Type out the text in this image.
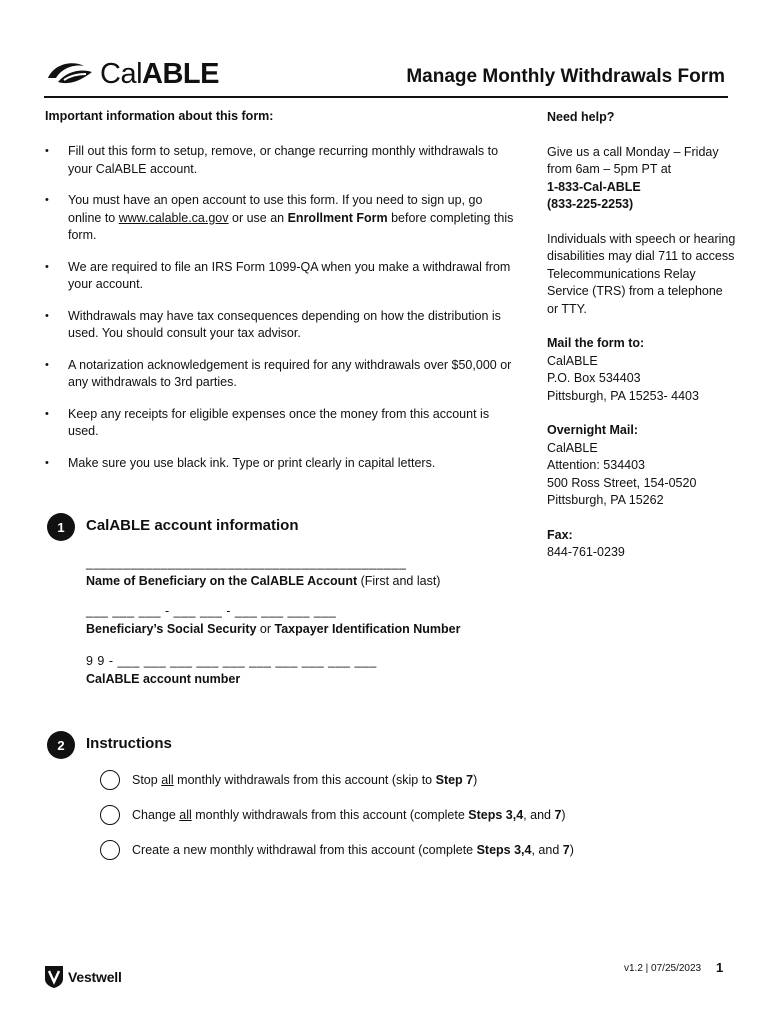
CalABLE	Manage Monthly Withdrawals Form
Important information about this form:
• Fill out this form to setup, remove, or change recurring monthly withdrawals to your CalABLE account.
• You must have an open account to use this form. If you need to sign up, go online to www.calable.ca.gov or use an Enrollment Form before completing this form.
• We are required to file an IRS Form 1099-QA when you make a withdrawal from your account.
• Withdrawals may have tax consequences depending on how the distribution is used. You should consult your tax advisor.
• A notarization acknowledgement is required for any withdrawals over $50,000 or any withdrawals to 3rd parties.
• Keep any receipts for eligible expenses once the money from this account is used.
• Make sure you use black ink. Type or print clearly in capital letters.

Need help?

Give us a call Monday – Friday from 6am – 5pm PT at
1-833-Cal-ABLE
(833-225-2253)

Individuals with speech or hearing disabilities may dial 711 to access Telecommunications Relay Service (TRS) from a telephone or TTY.

Mail the form to:
CalABLE
P.O. Box 534403
Pittsburgh, PA 15253- 4403

Overnight Mail:
CalABLE
Attention: 534403
500 Ross Street, 154-0520
Pittsburgh, PA 15262

Fax:
844-761-0239

1	CalABLE account information
___________________________________________
Name of Beneficiary on the CalABLE Account (First and last)
___ ___ ___ - ___ ___ - ___ ___ ___ ___
Beneficiary’s Social Security or Taxpayer Identification Number
9 9 - ___ ___ ___ ___ ___ ___ ___ ___ ___ ___
CalABLE account number
2	Instructions
Stop all monthly withdrawals from this account (skip to Step 7)
Change all monthly withdrawals from this account (complete Steps 3,4, and 7)
Create a new monthly withdrawal from this account (complete Steps 3,4, and 7)
Vestwell
v1.2 | 07/25/2023 1
